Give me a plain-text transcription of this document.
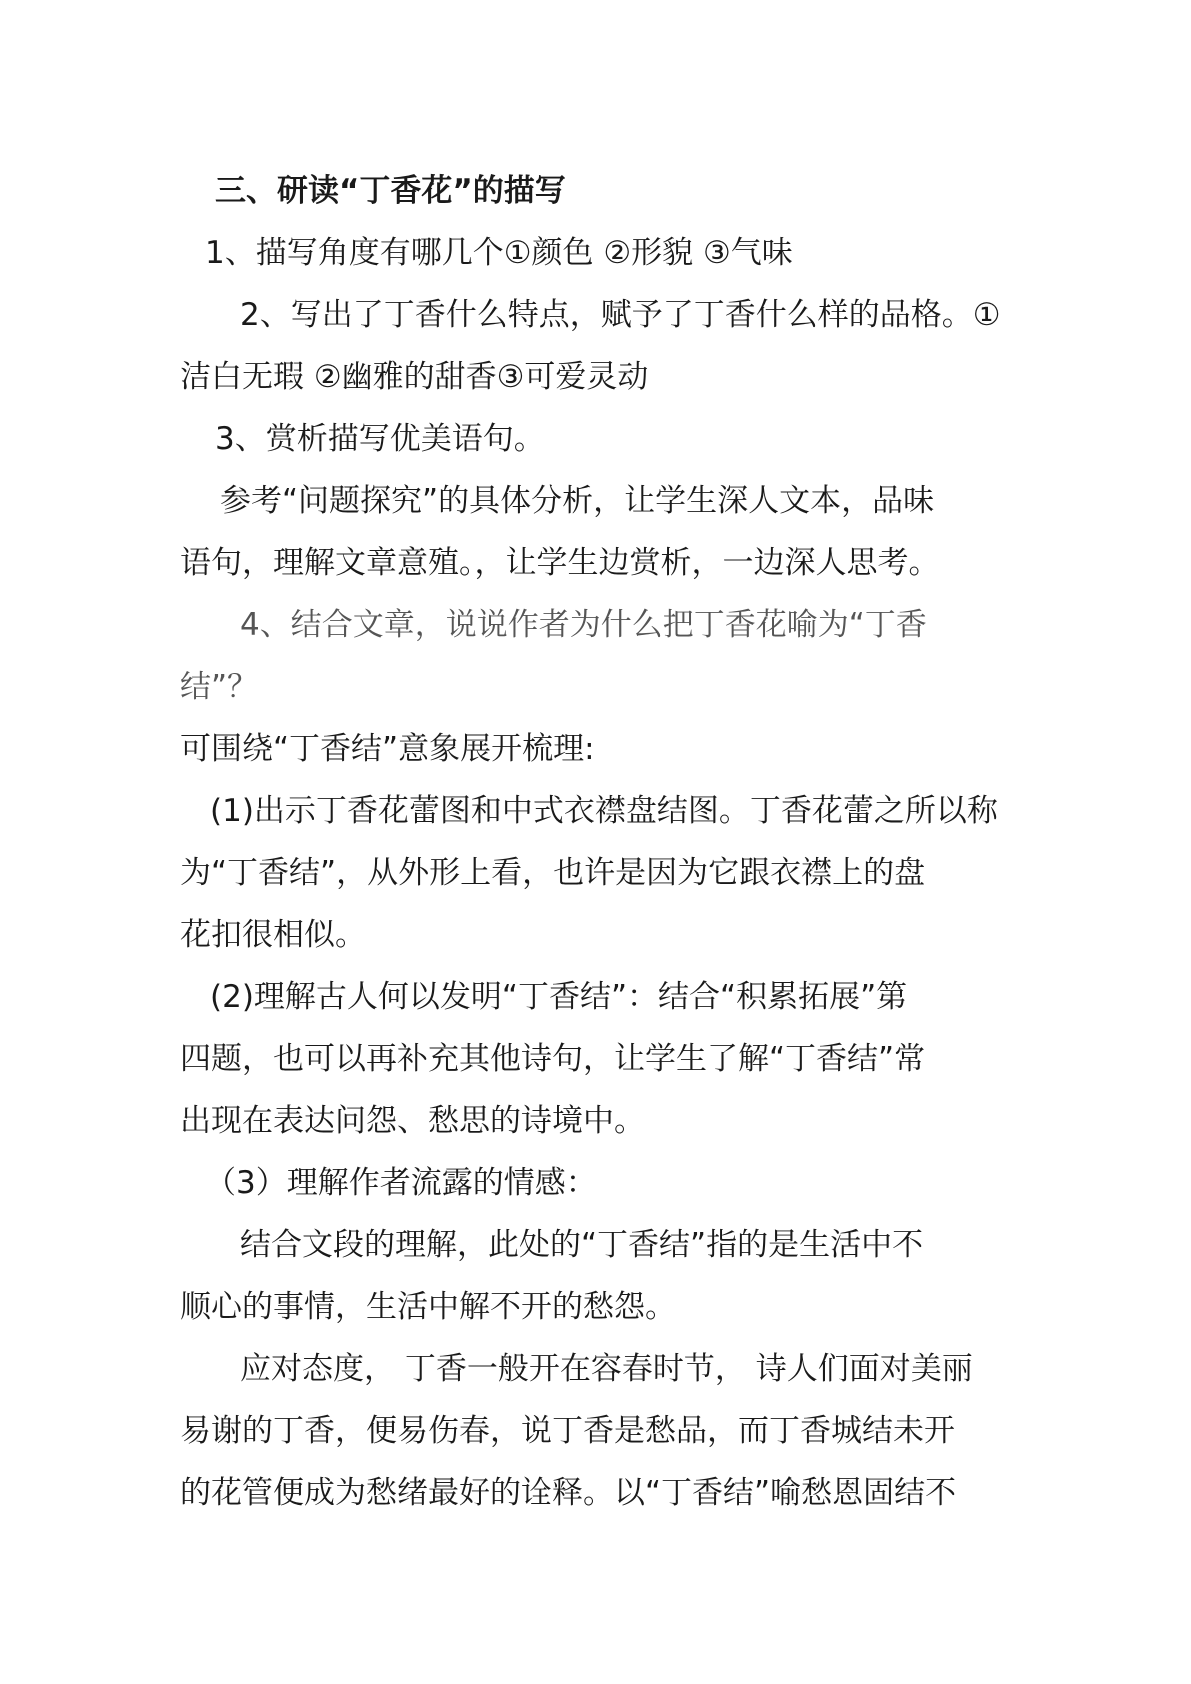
三、研读“丁香花”的描写

1、描写角度有哪几个①颜色 ②形貌 ③气味

2、写出了丁香什么特点，赋予了丁香什么样的品格。①

洁白无瑕 ②幽雅的甜香③可爱灵动

3、赏析描写优美语句。

参考“问题探究”的具体分析，让学生深人文本，品味

语句，理解文章意殖。，让学生边赏析，一边深人思考。

4、结合文章，说说作者为什么把丁香花喻为“丁香

结”？

可围绕“丁香结”意象展开梳理:

(1)出示丁香花蕾图和中式衣襟盘结图。丁香花蕾之所以称

为“丁香结”，从外形上看，也许是因为它跟衣襟上的盘

花扣很相似。

(2)理解古人何以发明“丁香结”：结合“积累拓展”第

四题，也可以再补充其他诗句，让学生了解“丁香结”常

出现在表达问怨、愁思的诗境中。

（3）理解作者流露的情感：

结合文段的理解，此处的“丁香结”指的是生活中不

顺心的事情，生活中解不开的愁怨。

应对态度， 丁香一般开在容春时节， 诗人们面对美丽

易谢的丁香，便易伤春，说丁香是愁品，而丁香城结未开

的花管便成为愁绪最好的诠释。以“丁香结”喻愁恩固结不
